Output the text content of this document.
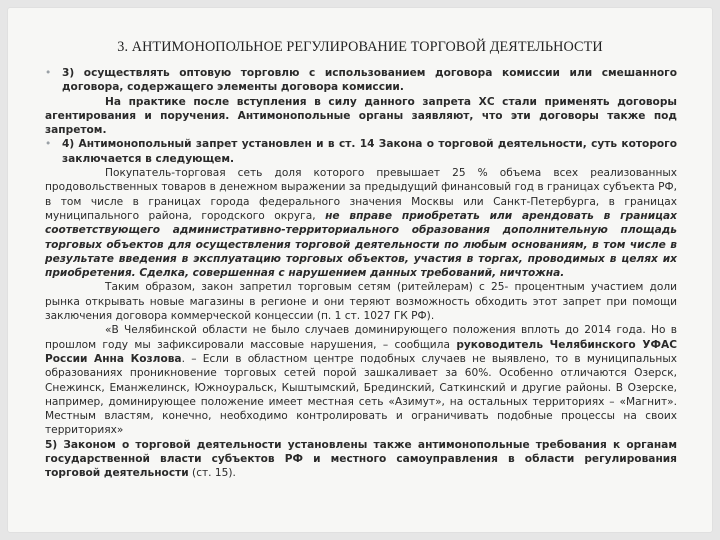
3. АНТИМОНОПОЛЬНОЕ РЕГУЛИРОВАНИЕ ТОРГОВОЙ ДЕЯТЕЛЬНОСТИ

• 3) осуществлять оптовую торговлю с использованием договора комиссии или смешанного договора, содержащего элементы договора комиссии.

На практике после вступления в силу данного запрета ХС стали применять договоры агентирования и поручения. Антимонопольные органы заявляют, что эти договоры также под запретом.

• 4) Антимонопольный запрет установлен и в ст. 14 Закона о торговой деятельности, суть которого заключается в следующем.

Покупатель-торговая сеть доля которого превышает 25 % объема всех реализованных продовольственных товаров в денежном выражении за предыдущий финансовый год в границах субъекта РФ, в том числе в границах города федерального значения Москвы или Санкт-Петербурга, в границах муниципального района, городского округа, не вправе приобретать или арендовать в границах соответствующего административно-территориального образования дополнительную площадь торговых объектов для осуществления торговой деятельности по любым основаниям, в том числе в результате введения в эксплуатацию торговых объектов, участия в торгах, проводимых в целях их приобретения. Сделка, совершенная с нарушением данных требований, ничтожна.

Таким образом, закон запретил торговым сетям (ритейлерам) с 25- процентным участием доли рынка открывать новые магазины в регионе и они теряют возможность обходить этот запрет при помощи заключения договора коммерческой концессии (п. 1 ст. 1027 ГК РФ).

«В Челябинской области не было случаев доминирующего положения вплоть до 2014 года. Но в прошлом году мы зафиксировали массовые нарушения, – сообщила руководитель Челябинского УФАС России Анна Козлова. – Если в областном центре подобных случаев не выявлено, то в муниципальных образованиях проникновение торговых сетей порой зашкаливает за 60%. Особенно отличаются Озерск, Снежинск, Еманжелинск, Южноуральск, Кыштымский, Брединский, Саткинский и другие районы. В Озерске, например, доминирующее положение имеет местная сеть «Азимут», на остальных территориях – «Магнит». Местным властям, конечно, необходимо контролировать и ограничивать подобные процессы на своих территориях»

5) Законом о торговой деятельности установлены также антимонопольные требования к органам государственной власти субъектов РФ и местного самоуправления в области регулирования торговой деятельности (ст. 15).
